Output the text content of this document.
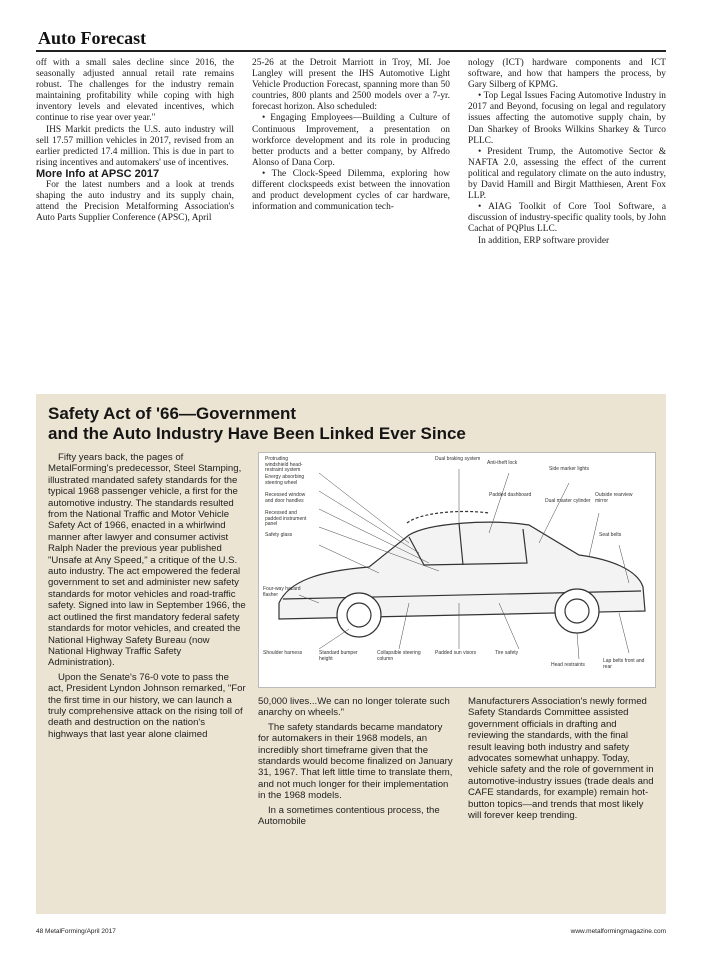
Auto Forecast

off with a small sales decline since 2016, the seasonally adjusted annual retail rate remains robust. The challenges for the industry remain maintaining profitability while coping with high inventory levels and elevated incentives, which continue to rise year over year."

IHS Markit predicts the U.S. auto industry will sell 17.57 million vehicles in 2017, revised from an earlier predicted 17.4 million. This is due in part to rising incentives and automakers' use of incentives.

More Info at APSC 2017

For the latest numbers and a look at trends shaping the auto industry and its supply chain, attend the Precision Metalforming Association's Auto Parts Supplier Conference (APSC), April

25-26 at the Detroit Marriott in Troy, MI. Joe Langley will present the IHS Automotive Light Vehicle Production Forecast, spanning more than 50 countries, 800 plants and 2500 models over a 7-yr. forecast horizon. Also scheduled:

• Engaging Employees—Building a Culture of Continuous Improvement, a presentation on workforce development and its role in producing better products and a better company, by Alfredo Alonso of Dana Corp.

• The Clock-Speed Dilemma, exploring how different clockspeeds exist between the innovation and product development cycles of car hardware, information and communication tech-

nology (ICT) hardware components and ICT software, and how that hampers the process, by Gary Silberg of KPMG.

• Top Legal Issues Facing Automotive Industry in 2017 and Beyond, focusing on legal and regulatory issues affecting the automotive supply chain, by Dan Sharkey of Brooks Wilkins Sharkey & Turco PLLC.

• President Trump, the Automotive Sector & NAFTA 2.0, assessing the effect of the current political and regulatory climate on the auto industry, by David Hamill and Birgit Matthiesen, Arent Fox LLP.

• AIAG Toolkit of Core Tool Software, a discussion of industry-specific quality tools, by John Cachat of PQPlus LLC.

In addition, ERP software provider

Safety Act of '66—Government
and the Auto Industry Have Been Linked Ever Since

Fifty years back, the pages of MetalForming's predecessor, Steel Stamping, illustrated mandated safety standards for the typical 1968 passenger vehicle, a first for the automotive industry. The standards resulted from the National Traffic and Motor Vehicle Safety Act of 1966, enacted in a whirlwind manner after lawyer and consumer activist Ralph Nader the previous year published "Unsafe at Any Speed," a critique of the U.S. auto industry. The act empowered the federal government to set and administer new safety standards for motor vehicles and road-traffic safety. Signed into law in September 1966, the act outlined the first mandatory federal safety standards for motor vehicles, and created the National Highway Safety Bureau (now National Highway Traffic Safety Administration).

Upon the Senate's 76-0 vote to pass the act, President Lyndon Johnson remarked, "For the first time in our history, we can launch a truly comprehensive attack on the rising toll of death and destruction on the nation's highways that last year alone claimed

Protruding windshield head-restraint system
Energy absorbing steering wheel
Recessed window and door handles
Recessed and padded instrument panel
Safety glass
Dual braking system
Anti-theft lock
Side marker lights
Outside rearview mirror
Seat belts
Four-way hazard flasher
Shoulder harness	Standard bumper height
Collapsible steering column
Padded sun visors	Tire safety
Head restraints
Lap belts front and rear
Padded dashboard
Dual master cylinder

50,000 lives...We can no longer tolerate such anarchy on wheels."

The safety standards became mandatory for automakers in their 1968 models, an incredibly short timeframe given that the standards would become finalized on January 31, 1967. That left little time to translate them, and not much longer for their implementation in the 1968 models.

In a sometimes contentious process, the Automobile

Manufacturers Association's newly formed Safety Standards Committee assisted government officials in drafting and reviewing the standards, with the final result leaving both industry and safety advocates somewhat unhappy. Today, vehicle safety and the role of government in automotive-industry issues (trade deals and CAFE standards, for example) remain hot-button topics—and trends that most likely will forever keep trending.

48 MetalForming/April 2017	www.metalformingmagazine.com
